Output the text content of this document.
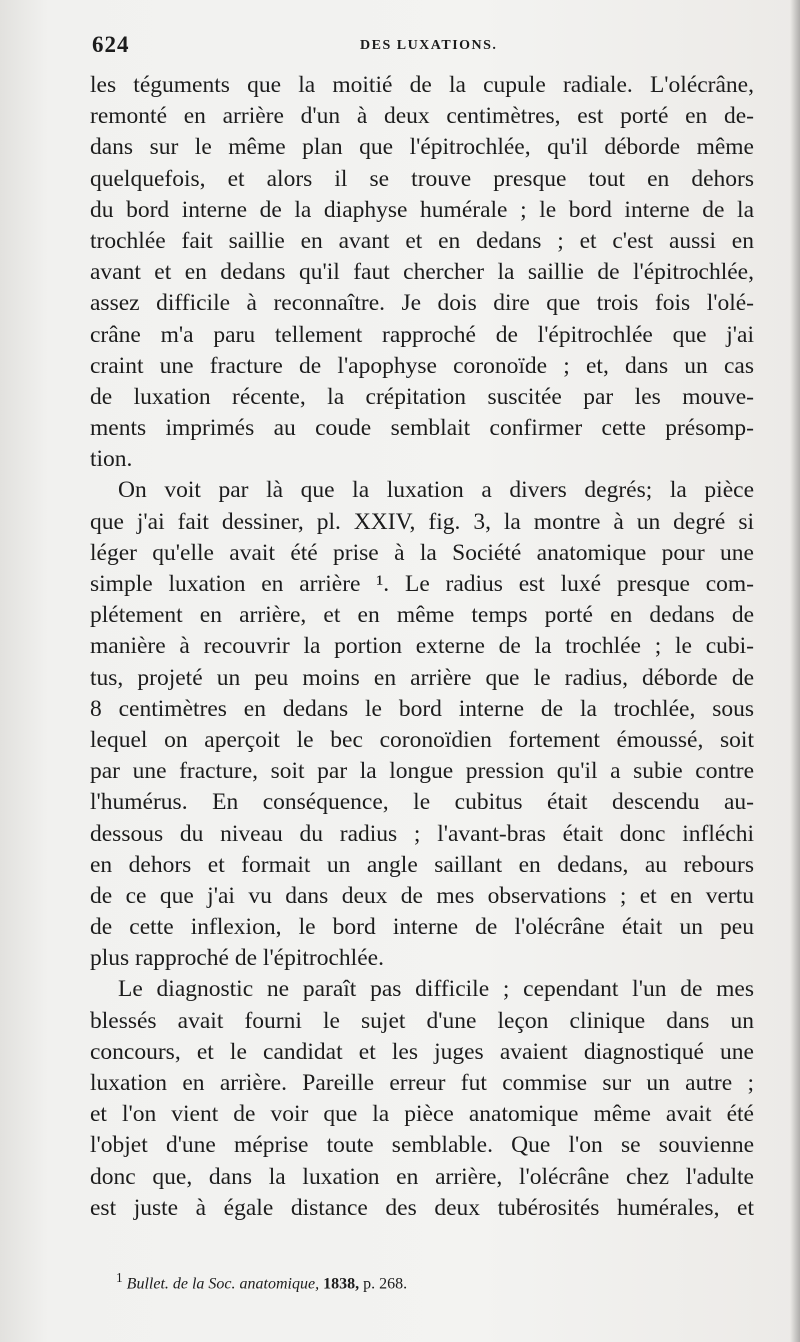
624	DES LUXATIONS.
les téguments que la moitié de la cupule radiale. L'olécrâne,
remonté en arrière d'un à deux centimètres, est porté en de-
dans sur le même plan que l'épitrochlée, qu'il déborde même
quelquefois, et alors il se trouve presque tout en dehors
du bord interne de la diaphyse humérale ; le bord interne de la
trochlée fait saillie en avant et en dedans ; et c'est aussi en
avant et en dedans qu'il faut chercher la saillie de l'épitrochlée,
assez difficile à reconnaître. Je dois dire que trois fois l'olé-
crâne m'a paru tellement rapproché de l'épitrochlée que j'ai
craint une fracture de l'apophyse coronoïde ; et, dans un cas
de luxation récente, la crépitation suscitée par les mouve-
ments imprimés au coude semblait confirmer cette présomp-
tion.
On voit par là que la luxation a divers degrés; la pièce
que j'ai fait dessiner, pl. XXIV, fig. 3, la montre à un degré si
léger qu'elle avait été prise à la Société anatomique pour une
simple luxation en arrière ¹. Le radius est luxé presque com-
plétement en arrière, et en même temps porté en dedans de
manière à recouvrir la portion externe de la trochlée ; le cubi-
tus, projeté un peu moins en arrière que le radius, déborde de
8 centimètres en dedans le bord interne de la trochlée, sous
lequel on aperçoit le bec coronoïdien fortement émoussé, soit
par une fracture, soit par la longue pression qu'il a subie contre
l'humérus. En conséquence, le cubitus était descendu au-
dessous du niveau du radius ; l'avant-bras était donc infléchi
en dehors et formait un angle saillant en dedans, au rebours
de ce que j'ai vu dans deux de mes observations ; et en vertu
de cette inflexion, le bord interne de l'olécrâne était un peu
plus rapproché de l'épitrochlée.
Le diagnostic ne paraît pas difficile ; cependant l'un de mes
blessés avait fourni le sujet d'une leçon clinique dans un
concours, et le candidat et les juges avaient diagnostiqué une
luxation en arrière. Pareille erreur fut commise sur un autre ;
et l'on vient de voir que la pièce anatomique même avait été
l'objet d'une méprise toute semblable. Que l'on se souvienne
donc que, dans la luxation en arrière, l'olécrâne chez l'adulte
est juste à égale distance des deux tubérosités humérales, et
$^1$ Bullet. de la Soc. anatomique, 1838, p. 268.
